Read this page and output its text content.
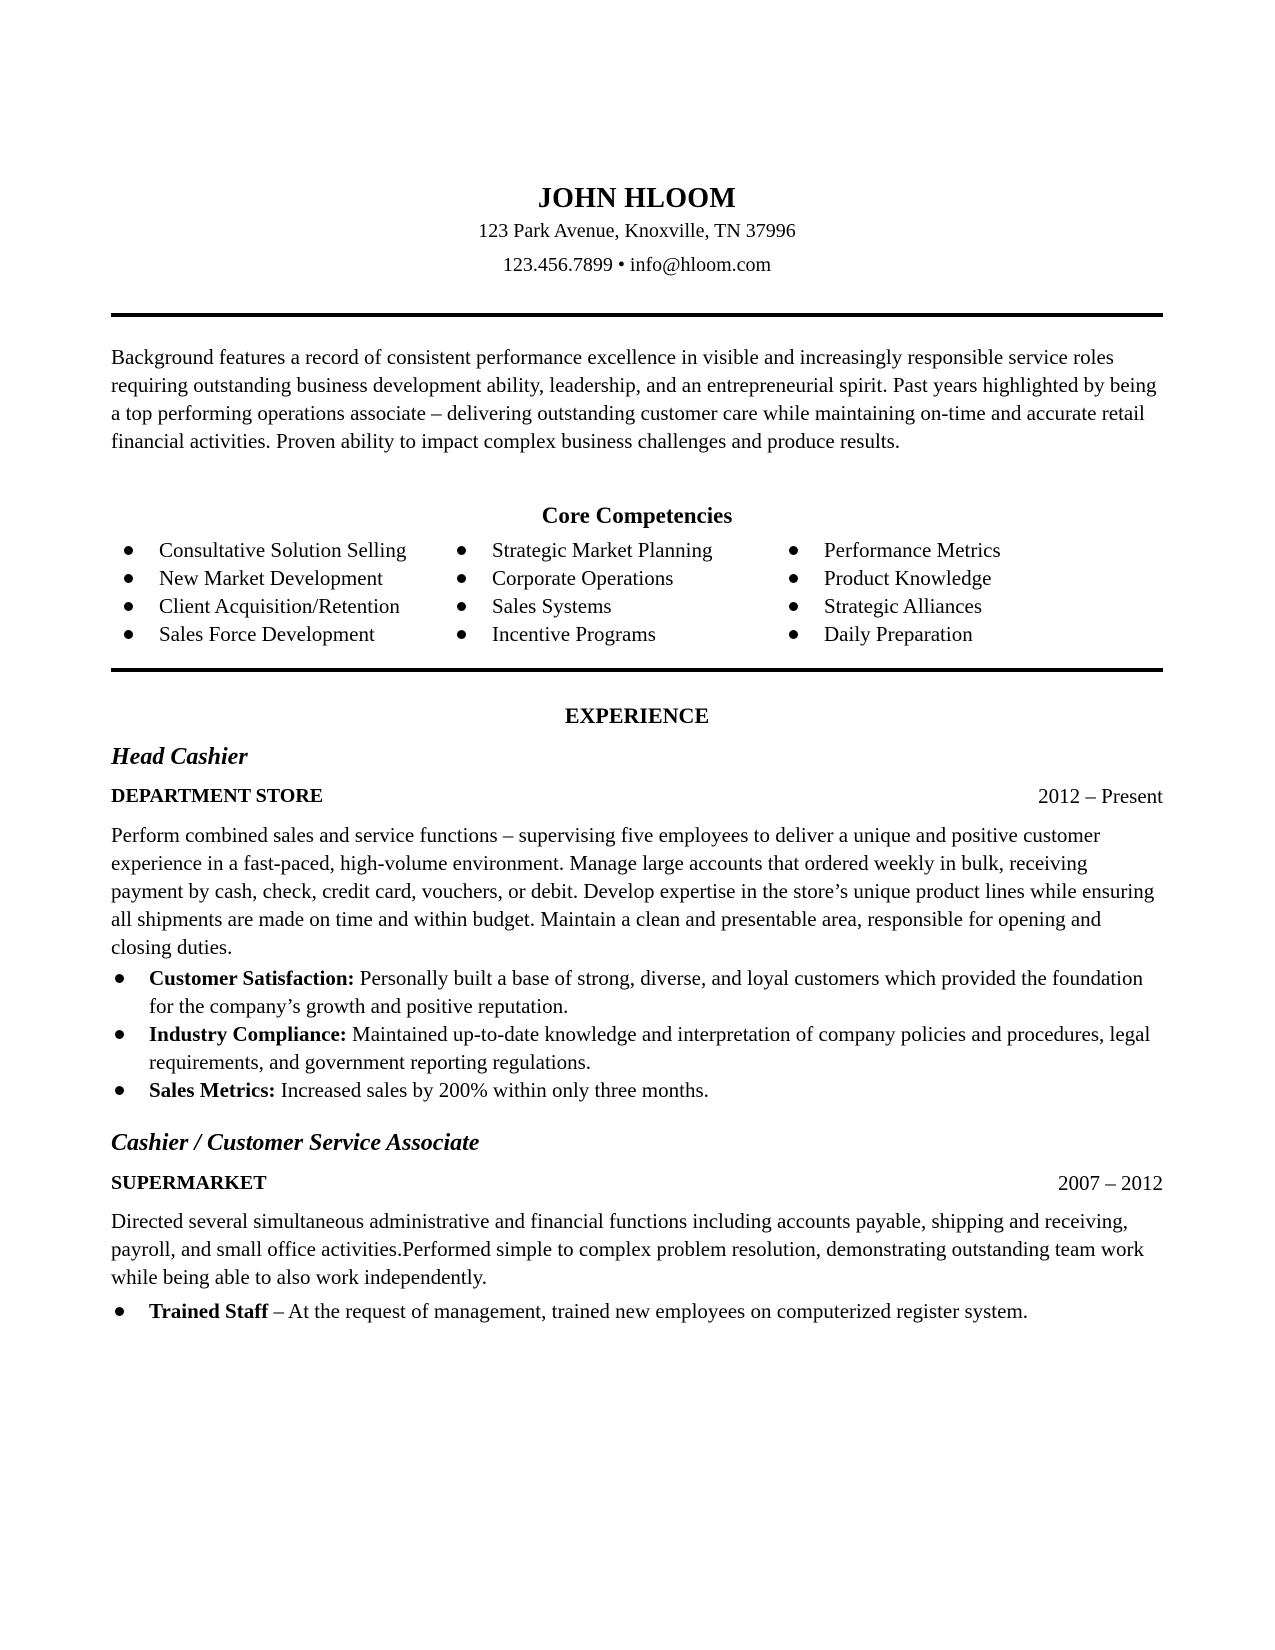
JOHN HLOOM
123 Park Avenue, Knoxville, TN 37996
123.456.7899 • info@hloom.com
Background features a record of consistent performance excellence in visible and increasingly responsible service roles requiring outstanding business development ability, leadership, and an entrepreneurial spirit. Past years highlighted by being a top performing operations associate – delivering outstanding customer care while maintaining on-time and accurate retail financial activities. Proven ability to impact complex business challenges and produce results.
Core Competencies
Consultative Solution Selling
New Market Development
Client Acquisition/Retention
Sales Force Development
Strategic Market Planning
Corporate Operations
Sales Systems
Incentive Programs
Performance Metrics
Product Knowledge
Strategic Alliances
Daily Preparation
EXPERIENCE
Head Cashier
DEPARTMENT STORE	2012 – Present
Perform combined sales and service functions – supervising five employees to deliver a unique and positive customer experience in a fast-paced, high-volume environment. Manage large accounts that ordered weekly in bulk, receiving payment by cash, check, credit card, vouchers, or debit. Develop expertise in the store’s unique product lines while ensuring all shipments are made on time and within budget. Maintain a clean and presentable area, responsible for opening and closing duties.
Customer Satisfaction: Personally built a base of strong, diverse, and loyal customers which provided the foundation for the company’s growth and positive reputation.
Industry Compliance: Maintained up-to-date knowledge and interpretation of company policies and procedures, legal requirements, and government reporting regulations.
Sales Metrics: Increased sales by 200% within only three months.
Cashier / Customer Service Associate
SUPERMARKET	2007 – 2012
Directed several simultaneous administrative and financial functions including accounts payable, shipping and receiving, payroll, and small office activities.Performed simple to complex problem resolution, demonstrating outstanding team work while being able to also work independently.
Trained Staff – At the request of management, trained new employees on computerized register system.
